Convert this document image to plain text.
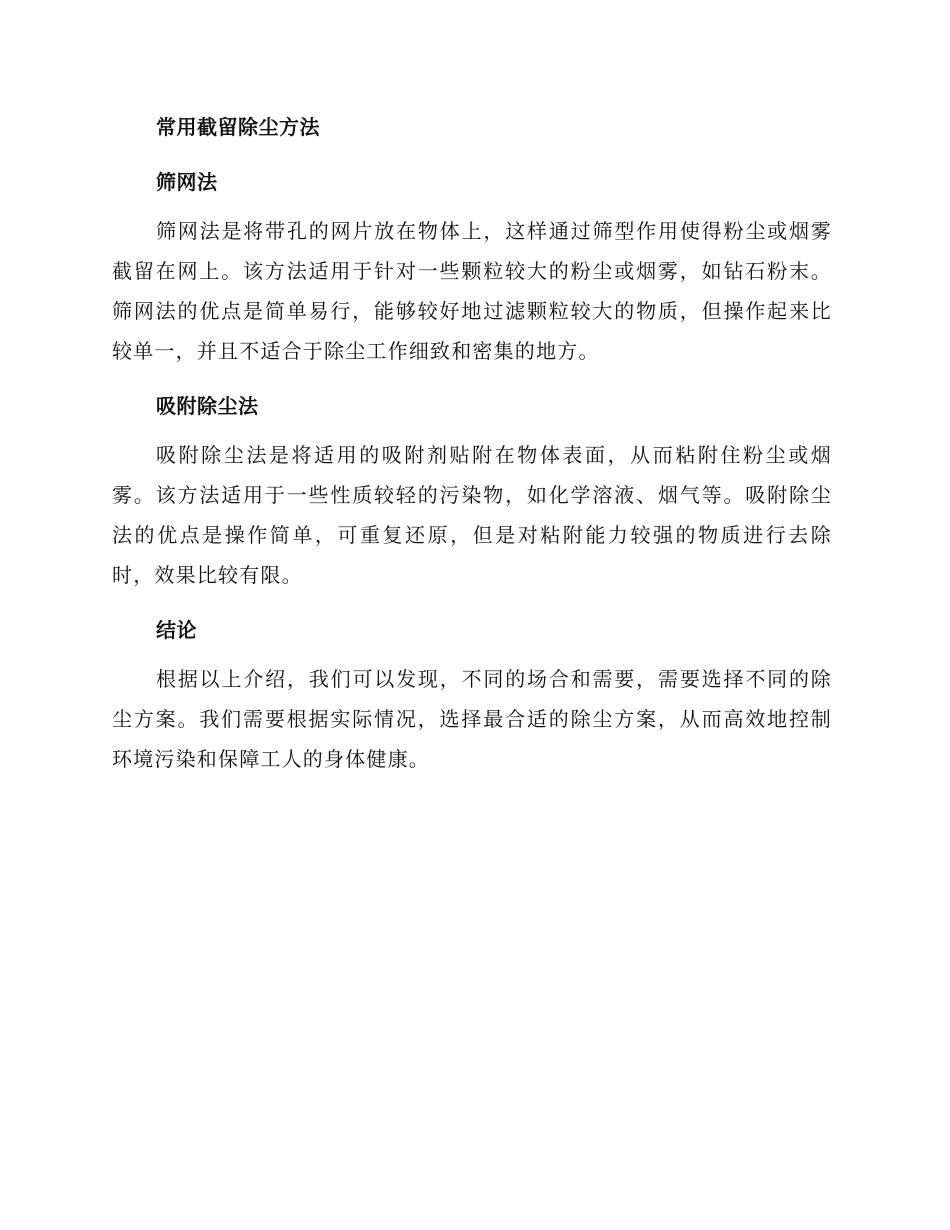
常用截留除尘方法

筛网法

筛网法是将带孔的网片放在物体上，这样通过筛型作用使得粉尘或烟雾截留在网上。该方法适用于针对一些颗粒较大的粉尘或烟雾，如钻石粉末。筛网法的优点是简单易行，能够较好地过滤颗粒较大的物质，但操作起来比较单一，并且不适合于除尘工作细致和密集的地方。

吸附除尘法

吸附除尘法是将适用的吸附剂贴附在物体表面，从而粘附住粉尘或烟雾。该方法适用于一些性质较轻的污染物，如化学溶液、烟气等。吸附除尘法的优点是操作简单，可重复还原，但是对粘附能力较强的物质进行去除时，效果比较有限。

结论

根据以上介绍，我们可以发现，不同的场合和需要，需要选择不同的除尘方案。我们需要根据实际情况，选择最合适的除尘方案，从而高效地控制环境污染和保障工人的身体健康。
